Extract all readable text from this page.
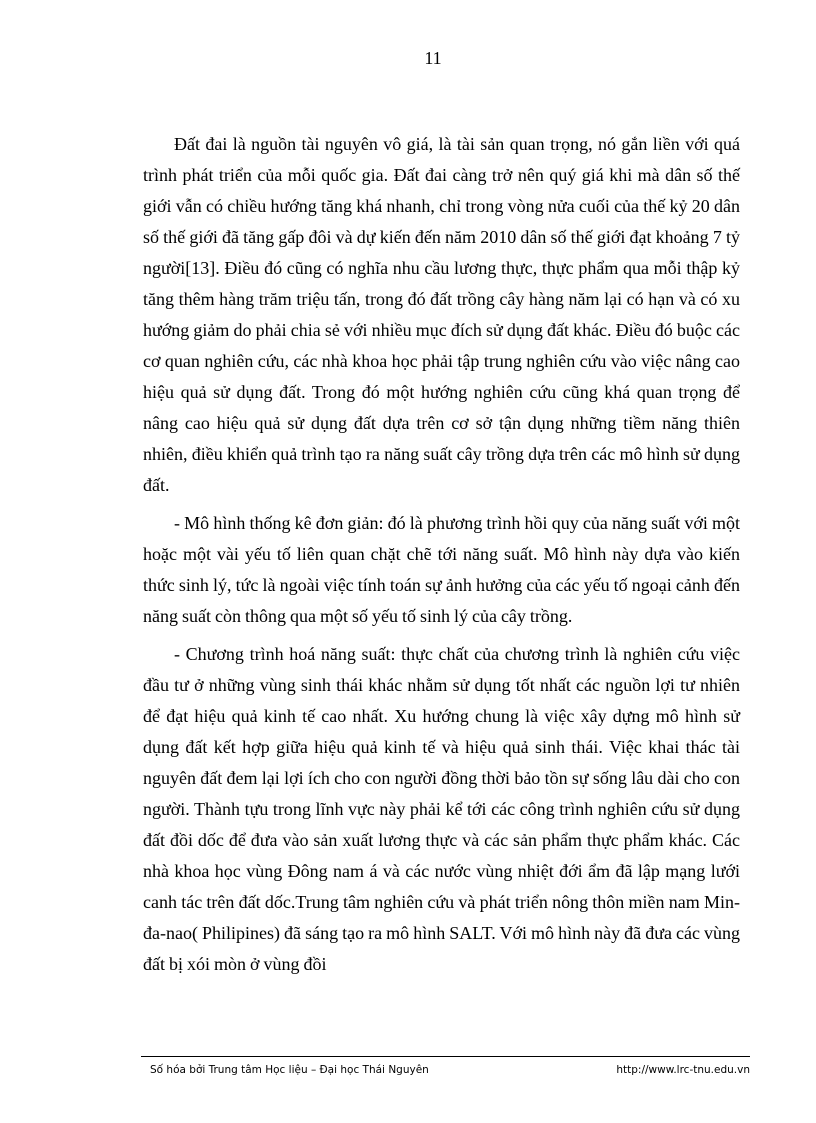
11

Đất đai là nguồn tài nguyên vô giá, là tài sản quan trọng, nó gắn liền với quá trình phát triển của mỗi quốc gia. Đất đai càng trở nên quý giá khi mà dân số thế giới vẫn có chiều hướng tăng khá nhanh, chỉ trong vòng nửa cuối của thế kỷ 20 dân số thế giới đã tăng gấp đôi và dự kiến đến năm 2010 dân số thế giới đạt khoảng 7 tỷ người[13]. Điều đó cũng có nghĩa nhu cầu lương thực, thực phẩm qua mỗi thập kỷ tăng thêm hàng trăm triệu tấn, trong đó đất trồng cây hàng năm lại có hạn và có xu hướng giảm do phải chia sẻ với nhiều mục đích sử dụng đất khác. Điều đó buộc các cơ quan nghiên cứu, các nhà khoa học phải tập trung nghiên cứu vào việc nâng cao hiệu quả sử dụng đất. Trong đó một hướng nghiên cứu cũng khá quan trọng để nâng cao hiệu quả sử dụng đất dựa trên cơ sở tận dụng những tiềm năng thiên nhiên, điều khiển quả trình tạo ra năng suất cây trồng dựa trên các mô hình sử dụng đất.

- Mô hình thống kê đơn giản: đó là phương trình hồi quy của năng suất với một hoặc một vài yếu tố liên quan chặt chẽ tới năng suất. Mô hình này dựa vào kiến thức sinh lý, tức là ngoài việc tính toán sự ảnh hưởng của các yếu tố ngoại cảnh đến năng suất còn thông qua một số yếu tố sinh lý của cây trồng.

- Chương trình hoá năng suất: thực chất của chương trình là nghiên cứu việc đầu tư ở những vùng sinh thái khác nhằm sử dụng tốt nhất các nguồn lợi tư nhiên để đạt hiệu quả kinh tế cao nhất. Xu hướng chung là việc xây dựng mô hình sử dụng đất kết hợp giữa hiệu quả kinh tế và hiệu quả sinh thái. Việc khai thác tài nguyên đất đem lại lợi ích cho con người đồng thời bảo tồn sự sống lâu dài cho con người. Thành tựu trong lĩnh vực này phải kể tới các công trình nghiên cứu sử dụng đất đồi dốc để đưa vào sản xuất lương thực và các sản phẩm thực phẩm khác. Các nhà khoa học vùng Đông nam á và các nước vùng nhiệt đới ẩm đã lập mạng lưới canh tác trên đất dốc.Trung tâm nghiên cứu và phát triển nông thôn miền nam Min-đa-nao( Philipines) đã sáng tạo ra mô hình SALT. Với mô hình này đã đưa các vùng đất bị xói mòn ở vùng đồi

Số hóa bởi Trung tâm Học liệu – Đại học Thái Nguyên	http://www.lrc-tnu.edu.vn
